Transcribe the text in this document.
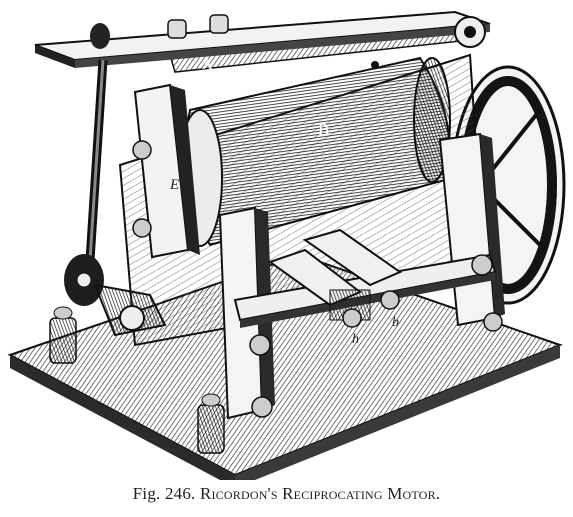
A
E
h
b
B
Fig. 246. Ricordon's Reciprocating Motor.
